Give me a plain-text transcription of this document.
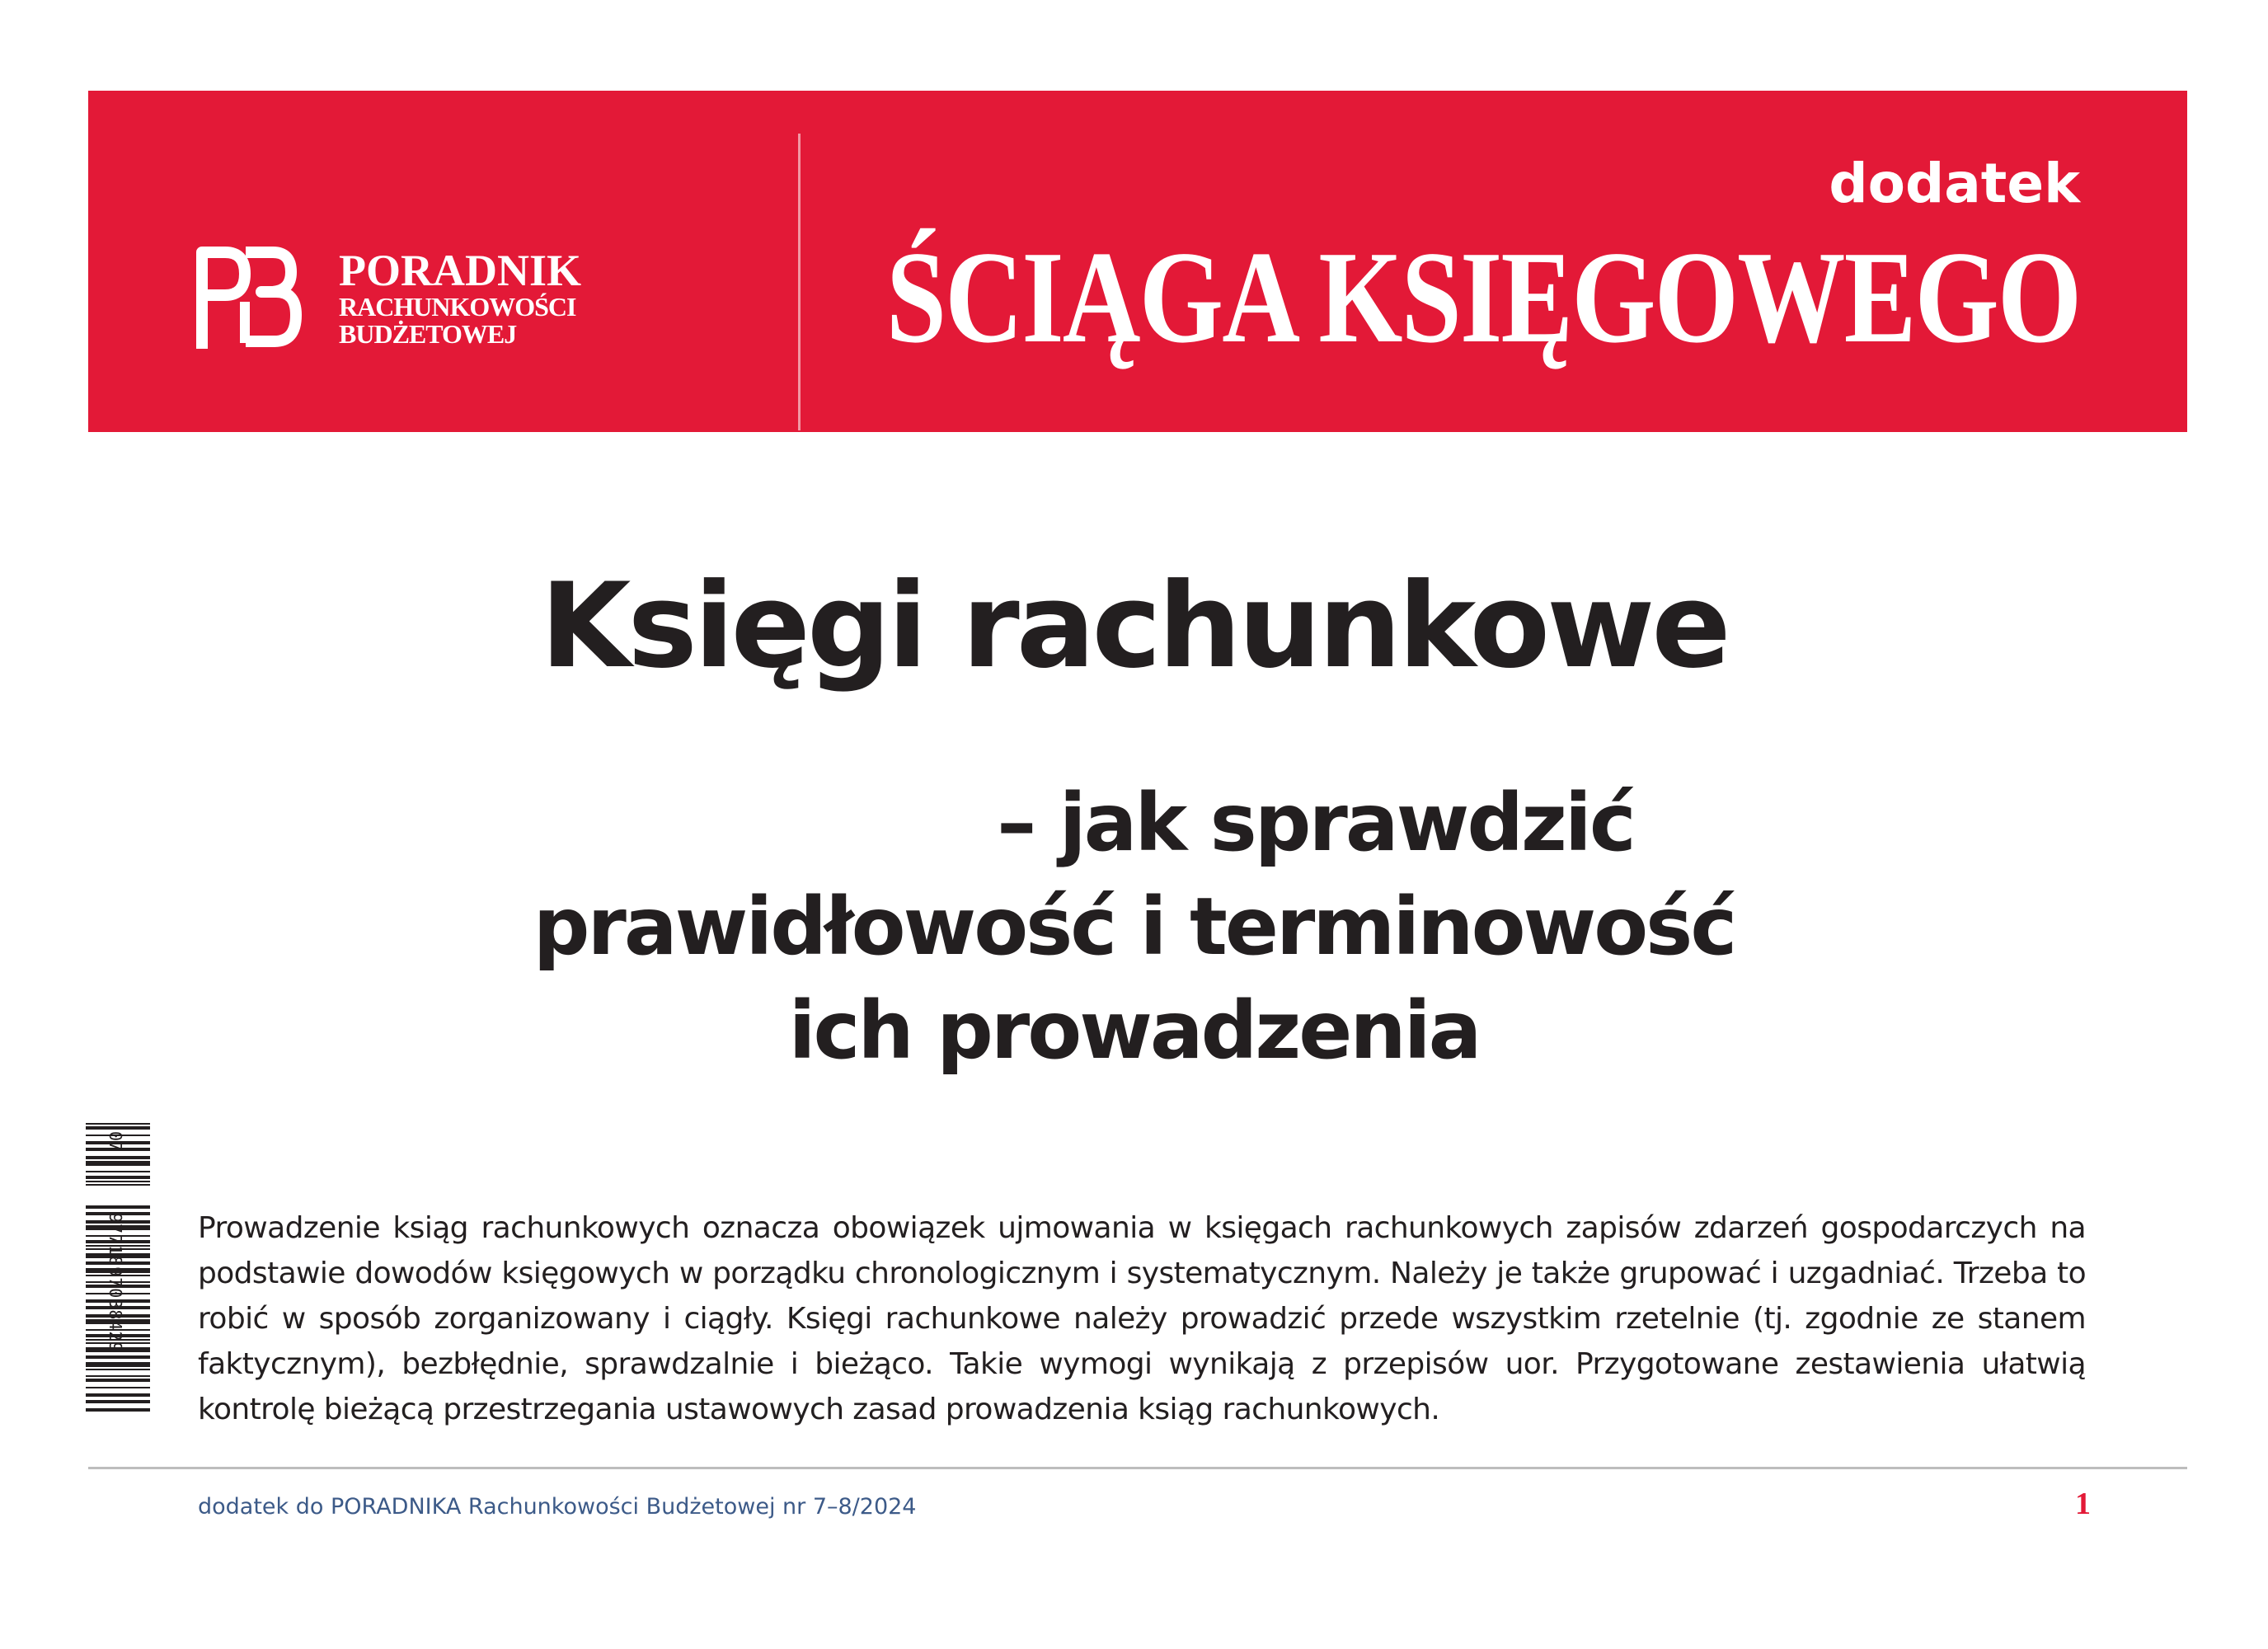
PORADNIK
RACHUNKOWOŚCI
BUDŻETOWEJ
dodatek
ŚCIĄGA KSIĘGOWEGO
Księgi rachunkowe
– jak sprawdzić
prawidłowość i terminowość
ich prowadzenia
07
9771897038429 Prowadzenie ksiąg rachunkowych oznacza obowiązek ujmowania w księgach rachunkowych zapisów zdarzeń gospodarczych na podstawie dowodów księgowych w porządku chronologicznym i systematycznym. Należy je także grupować i uzgadniać. Trzeba to robić w sposób zorganizowany i ciągły. Księgi rachunkowe należy prowadzić przede wszystkim rzetelnie (tj. zgodnie ze stanem faktycznym), bezbłędnie, sprawdzalnie i bieżąco. Takie wymogi wynikają z przepisów uor. Przygotowane zestawienia ułatwią kontrolę bieżącą przestrzegania ustawowych zasad prowadzenia ksiąg rachunkowych.

dodatek do PORADNIKA Rachunkowości Budżetowej nr 7–8/2024	1
